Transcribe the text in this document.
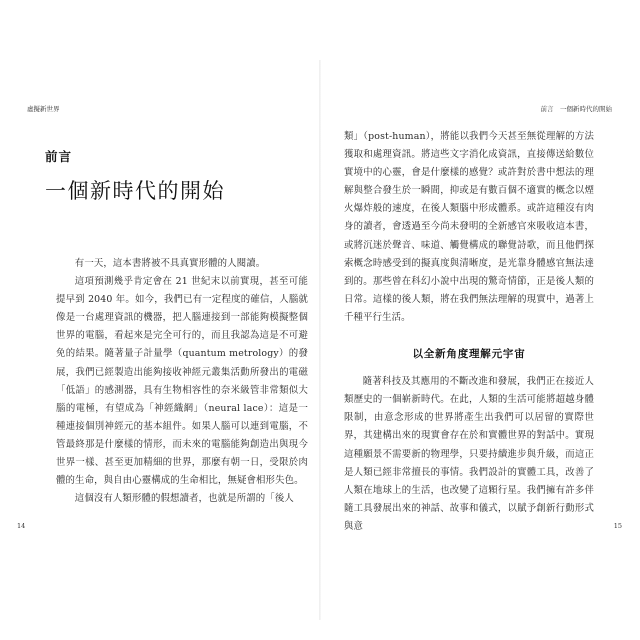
虛擬新世界
前言
一個新時代的開始

有一天，這本書將被不具真實形體的人閱讀。

這項預測幾乎肯定會在 21 世紀末以前實現，甚至可能提早到 2040 年。如今，我們已有一定程度的確信，人腦就像是一台處理資訊的機器，把人腦連接到一部能夠模擬整個世界的電腦，看起來是完全可行的，而且我認為這是不可避免的結果。隨著量子計量學（quantum metrology）的發展，我們已經製造出能夠接收神經元叢集活動所發出的電磁「低語」的感測器，具有生物相容性的奈米級管非常類似大腦的電極，有望成為「神經織網」（neural lace）：這是一種連接個別神經元的基本組件。如果人腦可以連到電腦，不管最終那是什麼樣的情形，而未來的電腦能夠創造出與現今世界一樣、甚至更加精細的世界，那麼有朝一日，受限於肉體的生命，與自由心靈構成的生命相比，無疑會相形失色。

這個沒有人類形體的假想讀者，也就是所謂的「後人

14
前言　一個新時代的開始

類」（post-human），將能以我們今天甚至無從理解的方法獲取和處理資訊。將這些文字消化成資訊，直接傳送給數位實境中的心靈，會是什麼樣的感覺？或許對於書中想法的理解與整合發生於一瞬間，抑或是有數百個不適實的概念以煙火爆炸般的速度，在後人類腦中形成體系。或許這種沒有肉身的讀者，會透過至今尚未發明的全新感官來吸收這本書，或將沉迷於聲音、味道、觸覺構成的聯覺詩歌，而且他們探索概念時感受到的擬真度與清晰度，是光靠身體感官無法達到的。那些曾在科幻小說中出現的驚奇情節，正是後人類的日常。這樣的後人類，將在我們無法理解的現實中，過著上千種平行生活。

以全新角度理解元宇宙

隨著科技及其應用的不斷改進和發展，我們正在接近人類歷史的一個嶄新時代。在此，人類的生活可能將超越身體限制，由意念形成的世界將產生出我們可以居留的實際世界，其建構出來的現實會存在於和實體世界的對話中。實現這種願景不需要新的物理學，只要持續進步與升級，而這正是人類已經非常擅長的事情。我們設計的實體工具，改善了人類在地球上的生活，也改變了這顆行星。我們擁有許多伴隨工具發展出來的神話、故事和儀式，以賦予創新行動形式與意	15
